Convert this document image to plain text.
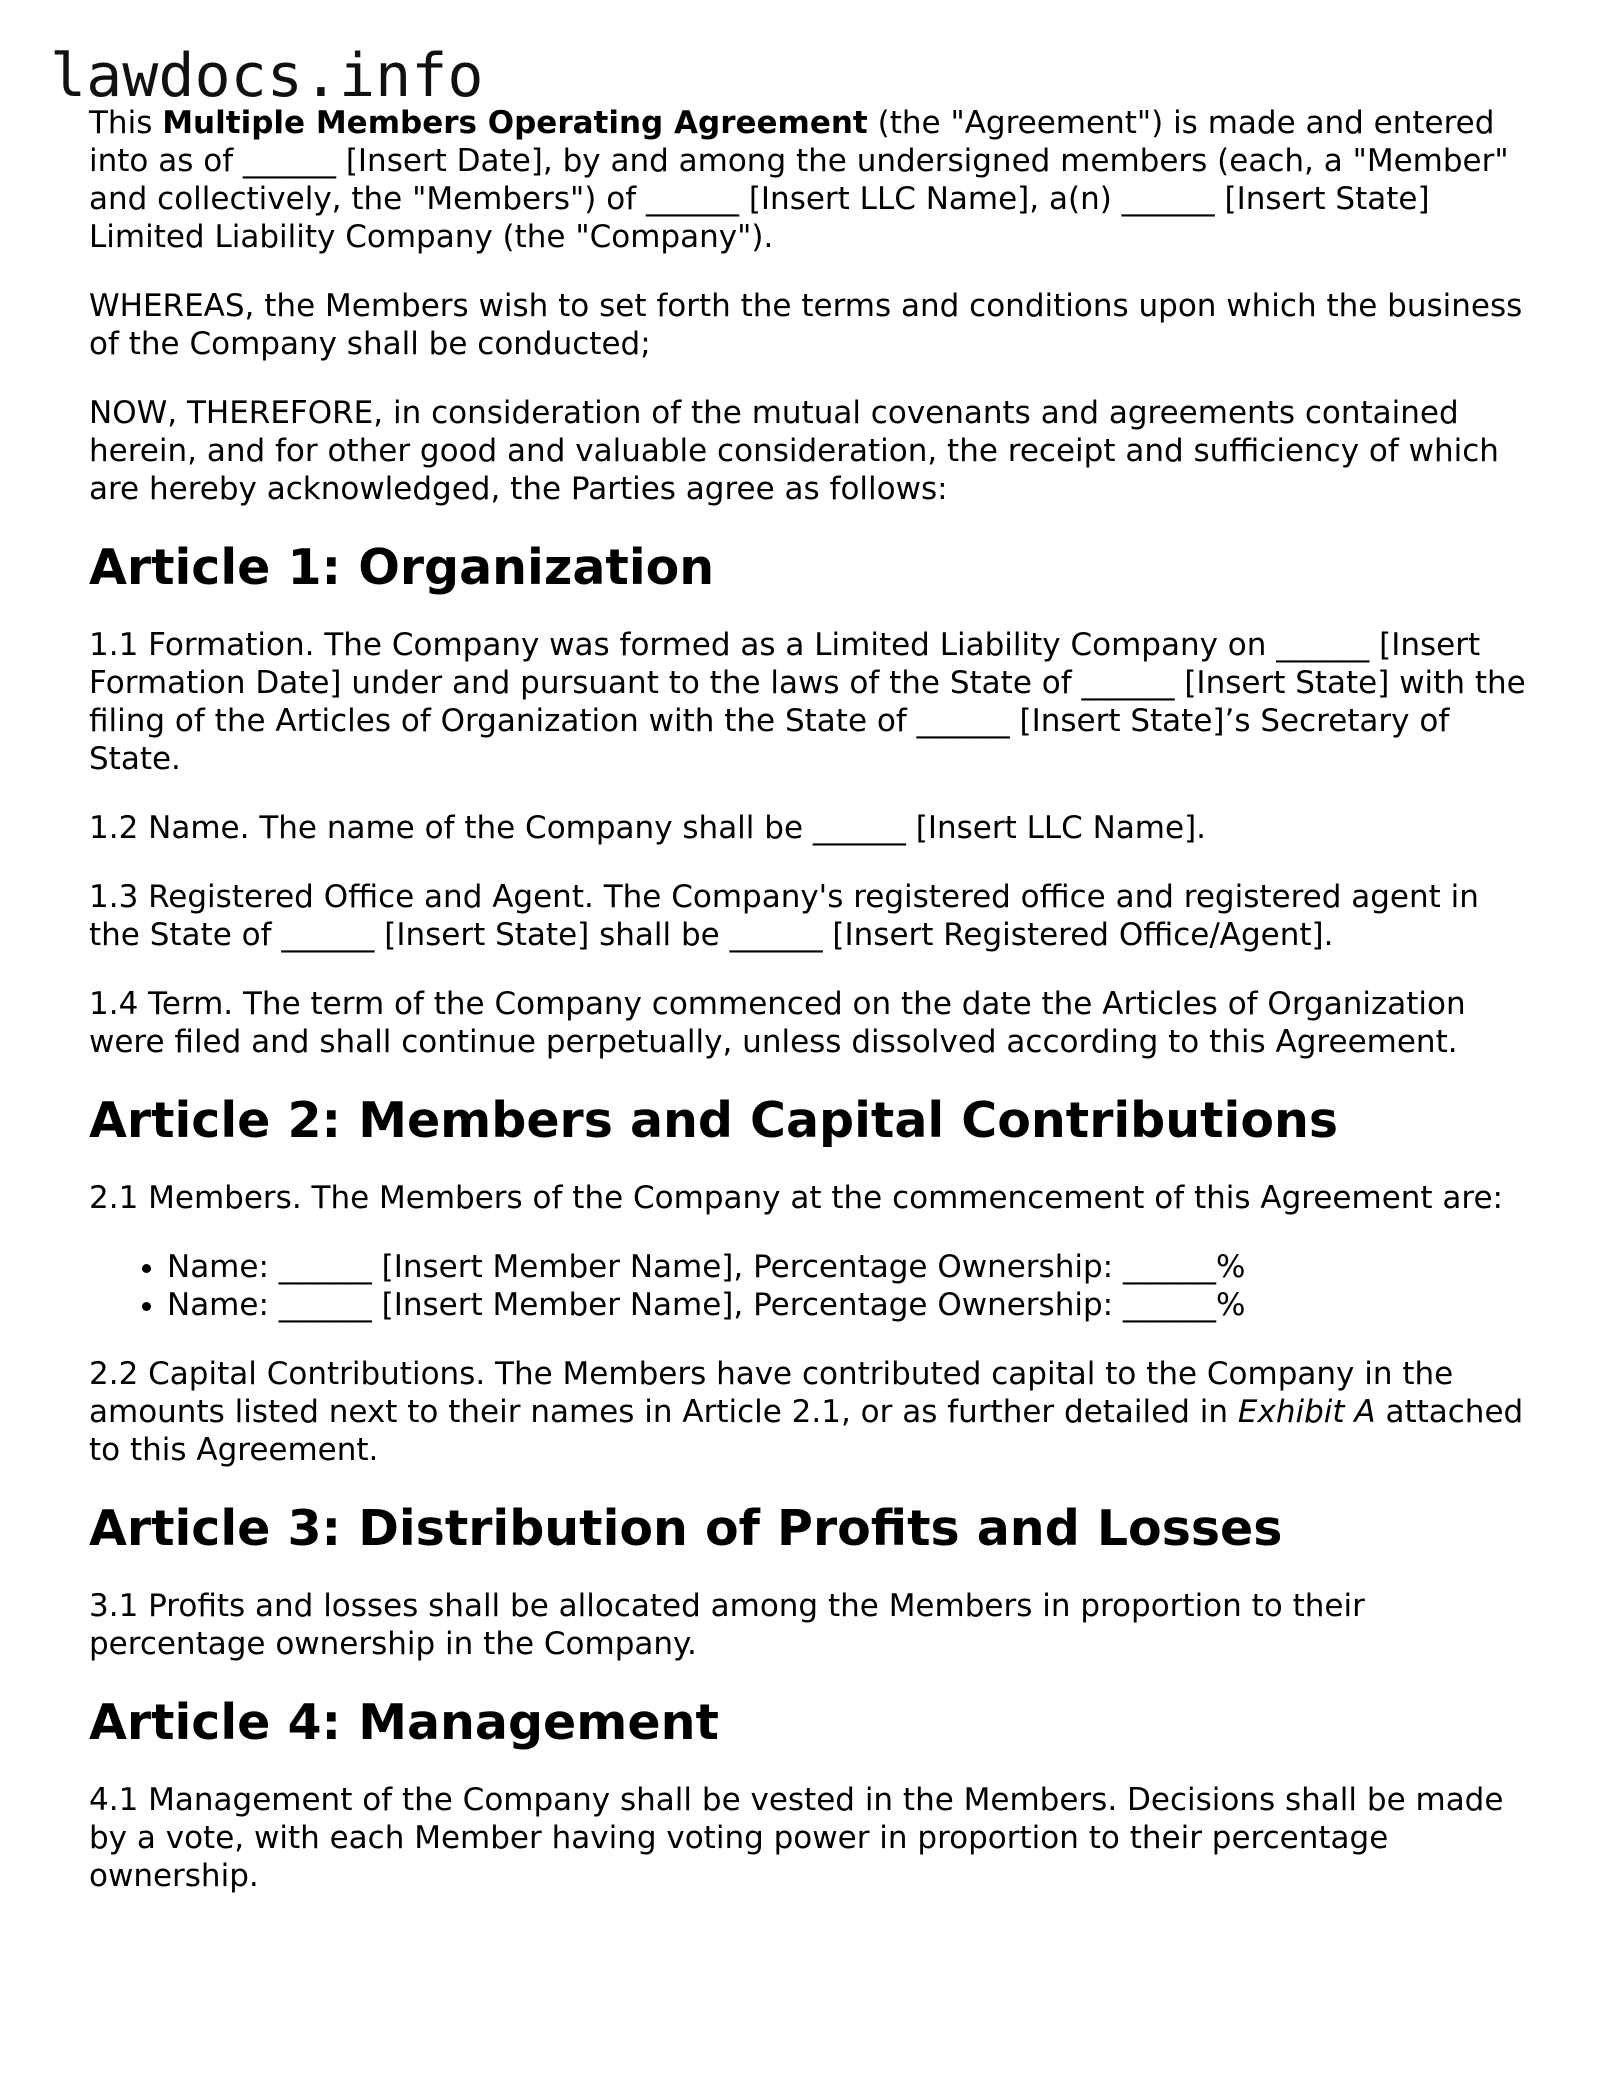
lawdocs.info

This Multiple Members Operating Agreement (the "Agreement") is made and entered into as of ______ [Insert Date], by and among the undersigned members (each, a "Member" and collectively, the "Members") of ______ [Insert LLC Name], a(n) ______ [Insert State] Limited Liability Company (the "Company").

WHEREAS, the Members wish to set forth the terms and conditions upon which the business of the Company shall be conducted;

NOW, THEREFORE, in consideration of the mutual covenants and agreements contained herein, and for other good and valuable consideration, the receipt and sufficiency of which are hereby acknowledged, the Parties agree as follows:

Article 1: Organization

1.1 Formation. The Company was formed as a Limited Liability Company on ______ [Insert Formation Date] under and pursuant to the laws of the State of ______ [Insert State] with the filing of the Articles of Organization with the State of ______ [Insert State]’s Secretary of State.

1.2 Name. The name of the Company shall be ______ [Insert LLC Name].

1.3 Registered Office and Agent. The Company's registered office and registered agent in the State of ______ [Insert State] shall be ______ [Insert Registered Office/Agent].

1.4 Term. The term of the Company commenced on the date the Articles of Organization were filed and shall continue perpetually, unless dissolved according to this Agreement.

Article 2: Members and Capital Contributions

2.1 Members. The Members of the Company at the commencement of this Agreement are:

• Name: ______ [Insert Member Name], Percentage Ownership: ______%
• Name: ______ [Insert Member Name], Percentage Ownership: ______%

2.2 Capital Contributions. The Members have contributed capital to the Company in the amounts listed next to their names in Article 2.1, or as further detailed in Exhibit A attached to this Agreement.

Article 3: Distribution of Profits and Losses

3.1 Profits and losses shall be allocated among the Members in proportion to their percentage ownership in the Company.

Article 4: Management

4.1 Management of the Company shall be vested in the Members. Decisions shall be made by a vote, with each Member having voting power in proportion to their percentage ownership.
